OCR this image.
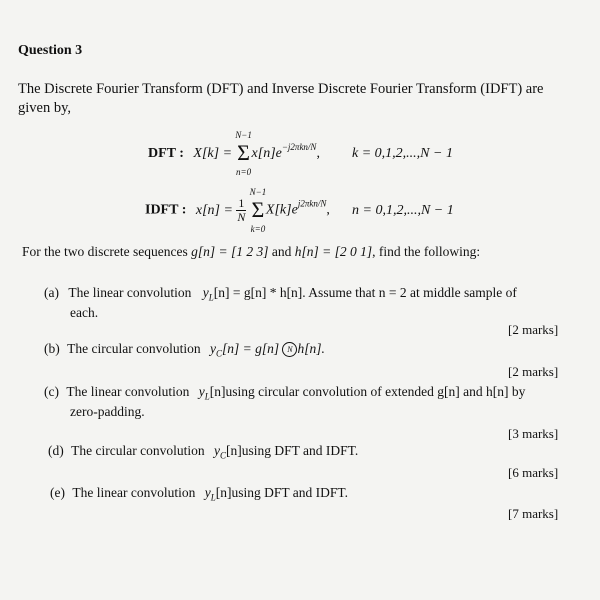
Question 3
The Discrete Fourier Transform (DFT) and Inverse Discrete Fourier Transform (IDFT) are
given by,
DFT : X[k] =
N−1
Σ
n=0
$x[n]e^{-j2\pi kn/N}$, k = 0,1,2,...,N − 1
IDFT : $x[n] = \frac{1}{N}$

N−1
Σ
k=0
$X[k]e^{j2\pi kn/N}$, n = 0,1,2,...,N − 1
For the two discrete sequences g[n] = [1 2 3] and h[n] = [2 0 1], find the following:
(a) The linear convolution $y_L[n] = g[n] * h[n]$. Assume that n = 2 at middle sample of
each.
[2 marks]
(b) The circular convolution $y_C[n] = g[n]$ N h[n].
[2 marks]
(c) The linear convolution $y_L[n]using$ circular convolution of extended g[n] and h[n] by
zero-padding.
[3 marks]
(d) The circular convolution $y_C[n]using$ DFT and IDFT.
[6 marks]
(e) The linear convolution $y_L[n]using$ DFT and IDFT.
[7 marks]
